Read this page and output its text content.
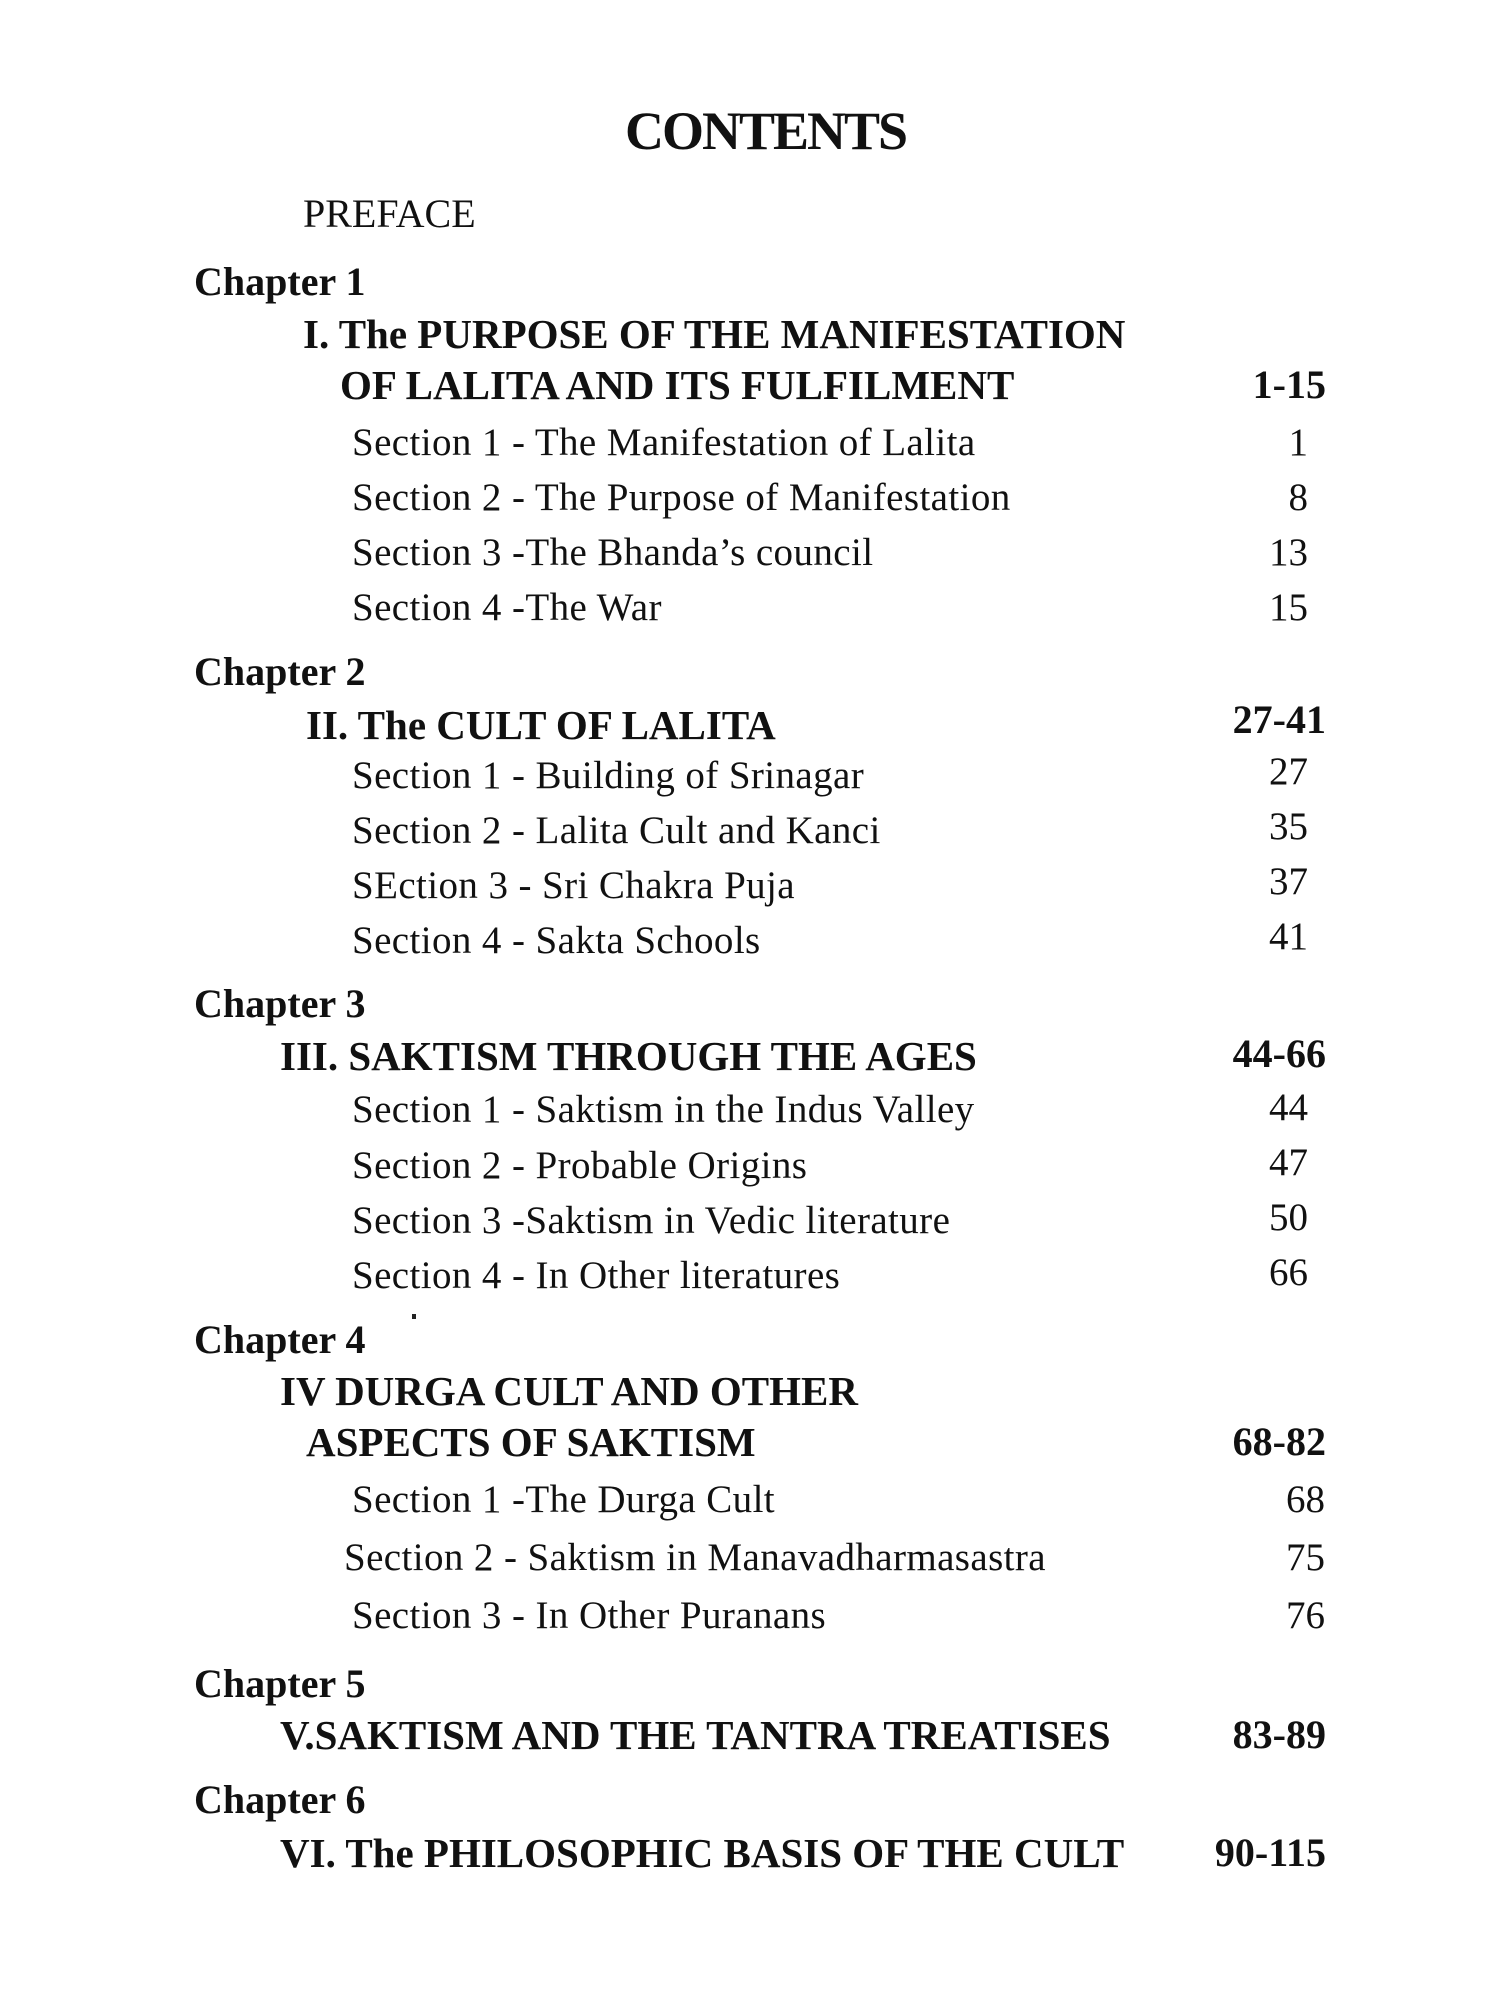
CONTENTS
PREFACE
Chapter 1
I. The PURPOSE OF THE MANIFESTATION
OF LALITA AND ITS FULFILMENT	1-15
Section 1 - The Manifestation of Lalita	1
Section 2 - The Purpose of Manifestation	8
Section 3 -The Bhanda’s council	13
Section 4 -The War	15
Chapter 2
II. The CULT OF LALITA	27-41
Section 1 - Building of Srinagar	27
Section 2 - Lalita Cult and Kanci	35
SEction 3 - Sri Chakra Puja	37
Section 4 - Sakta Schools	41
Chapter 3
III. SAKTISM THROUGH THE AGES	44-66
Section 1 - Saktism in the Indus Valley	44
Section 2 - Probable Origins	47
Section 3 -Saktism in Vedic literature	50
Section 4 - In Other literatures	66
Chapter 4
IV DURGA CULT AND OTHER
ASPECTS OF SAKTISM	68-82
Section 1 -The Durga Cult	68
Section 2 - Saktism in Manavadharmasastra	75
Section 3 - In Other Puranans	76
Chapter 5
V.SAKTISM AND THE TANTRA TREATISES	83-89
Chapter 6
VI. The PHILOSOPHIC BASIS OF THE CULT	90-115
